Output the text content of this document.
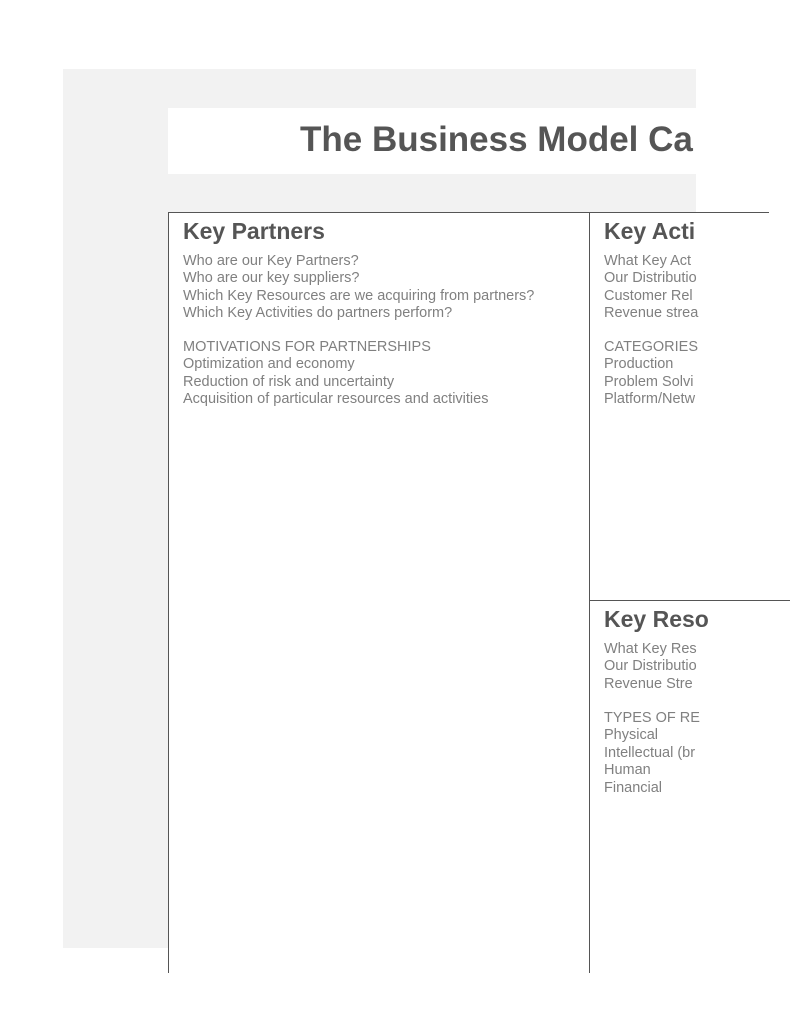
The Business Model Ca
Key Partners
Who are our Key Partners?
Who are our key suppliers?
Which Key Resources are we acquiring from partners?
Which Key Activities do partners perform?
MOTIVATIONS FOR PARTNERSHIPS
Optimization and economy
Reduction of risk and uncertainty
Acquisition of particular resources and activities
Key Acti
What Key Act
Our Distributio
Customer Rel
Revenue strea
CATEGORIES
Production
Problem Solvi
Platform/Netw
Key Reso
What Key Res
Our Distributio
Revenue Stre
TYPES OF RE
Physical
Intellectual (br
Human
Financial
